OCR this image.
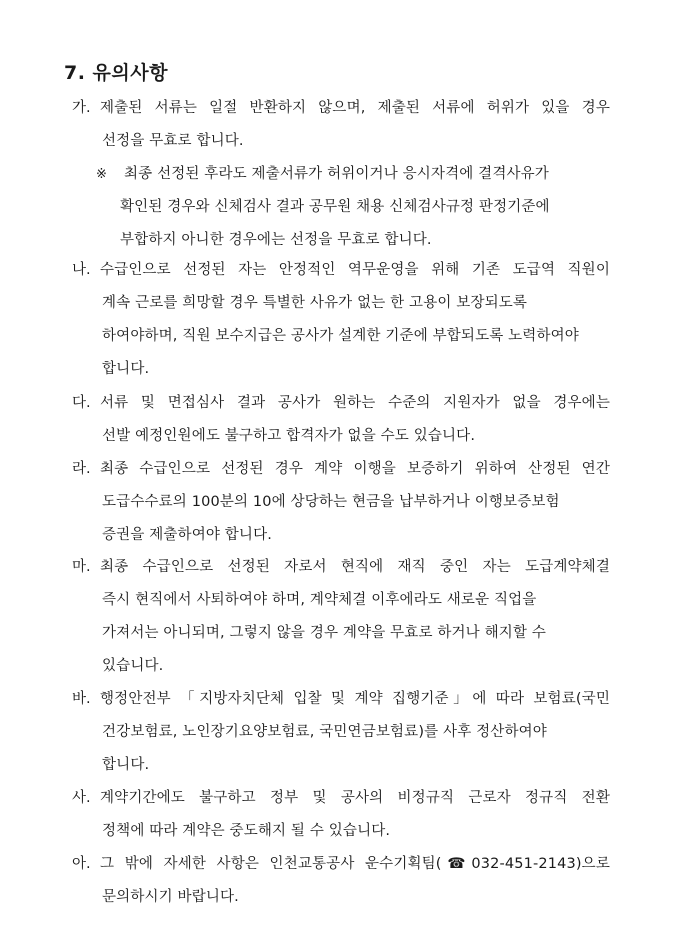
7. 유의사항
가. 제출된 서류는 일절 반환하지 않으며, 제출된 서류에 허위가 있을 경우
선정을 무효로 합니다.
※ 최종 선정된 후라도 제출서류가 허위이거나 응시자격에 결격사유가
확인된 경우와 신체검사 결과 공무원 채용 신체검사규정 판정기준에
부합하지 아니한 경우에는 선정을 무효로 합니다.
나. 수급인으로 선정된 자는 안정적인 역무운영을 위해 기존 도급역 직원이
계속 근로를 희망할 경우 특별한 사유가 없는 한 고용이 보장되도록
하여야하며, 직원 보수지급은 공사가 설계한 기준에 부합되도록 노력하여야
합니다.
다. 서류 및 면접심사 결과 공사가 원하는 수준의 지원자가 없을 경우에는
선발 예정인원에도 불구하고 합격자가 없을 수도 있습니다.
라. 최종 수급인으로 선정된 경우 계약 이행을 보증하기 위하여 산정된 연간
도급수수료의 100분의 10에 상당하는 현금을 납부하거나 이행보증보험
증권을 제출하여야 합니다.
마. 최종 수급인으로 선정된 자로서 현직에 재직 중인 자는 도급계약체결
즉시 현직에서 사퇴하여야 하며, 계약체결 이후에라도 새로운 직업을
가져서는 아니되며, 그렇지 않을 경우 계약을 무효로 하거나 해지할 수
있습니다.
바. 행정안전부 「지방자치단체 입찰 및 계약 집행기준」에 따라 보험료(국민
건강보험료, 노인장기요양보험료, 국민연금보험료)를 사후 정산하여야
합니다.
사. 계약기간에도 불구하고 정부 및 공사의 비정규직 근로자 정규직 전환
정책에 따라 계약은 중도해지 될 수 있습니다.
아. 그 밖에 자세한 사항은 인천교통공사 운수기획팀(☎032-451-2143)으로
문의하시기 바랍니다.
